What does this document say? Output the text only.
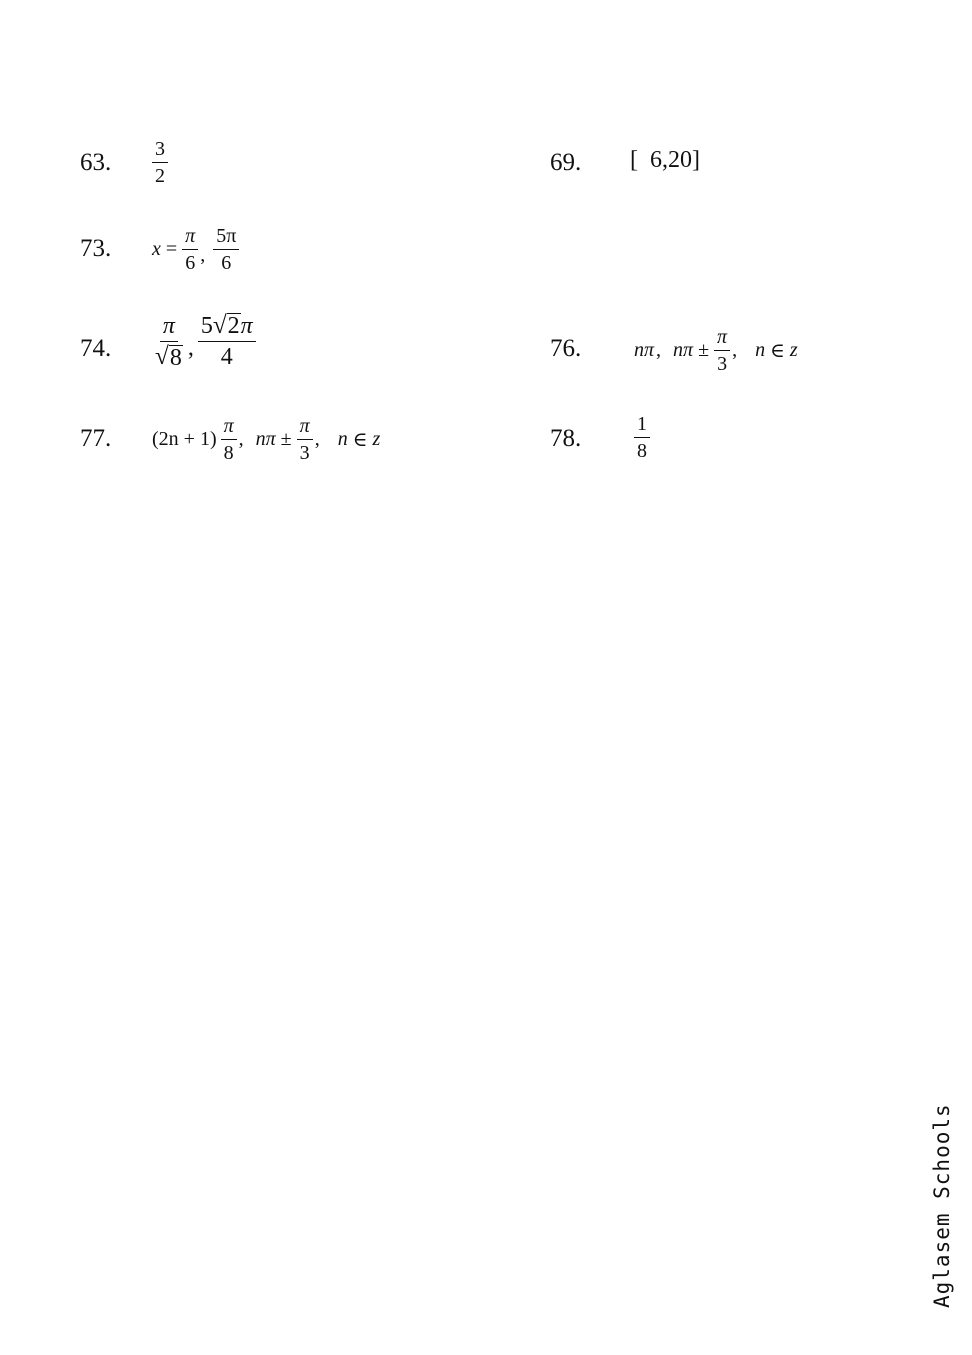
63. $\frac{3}{2}$	69. [  6,20]
73. $x = \frac{\pi}{6}$ , $\frac{5\pi}{6}$
74. $\frac{\pi}{√ 8}$ , $\frac{5 √ 2 \pi}{4}$	76.	nπ , $n\pi \pm \frac{\pi}{3}$ , n ∈ z
77. $(2n + 1) \frac{\pi}{8}$ , $n\pi \pm \frac{\pi}{3}$ , n ∈ z	78.	$\frac{1}{8}$
Aglasem Schools
